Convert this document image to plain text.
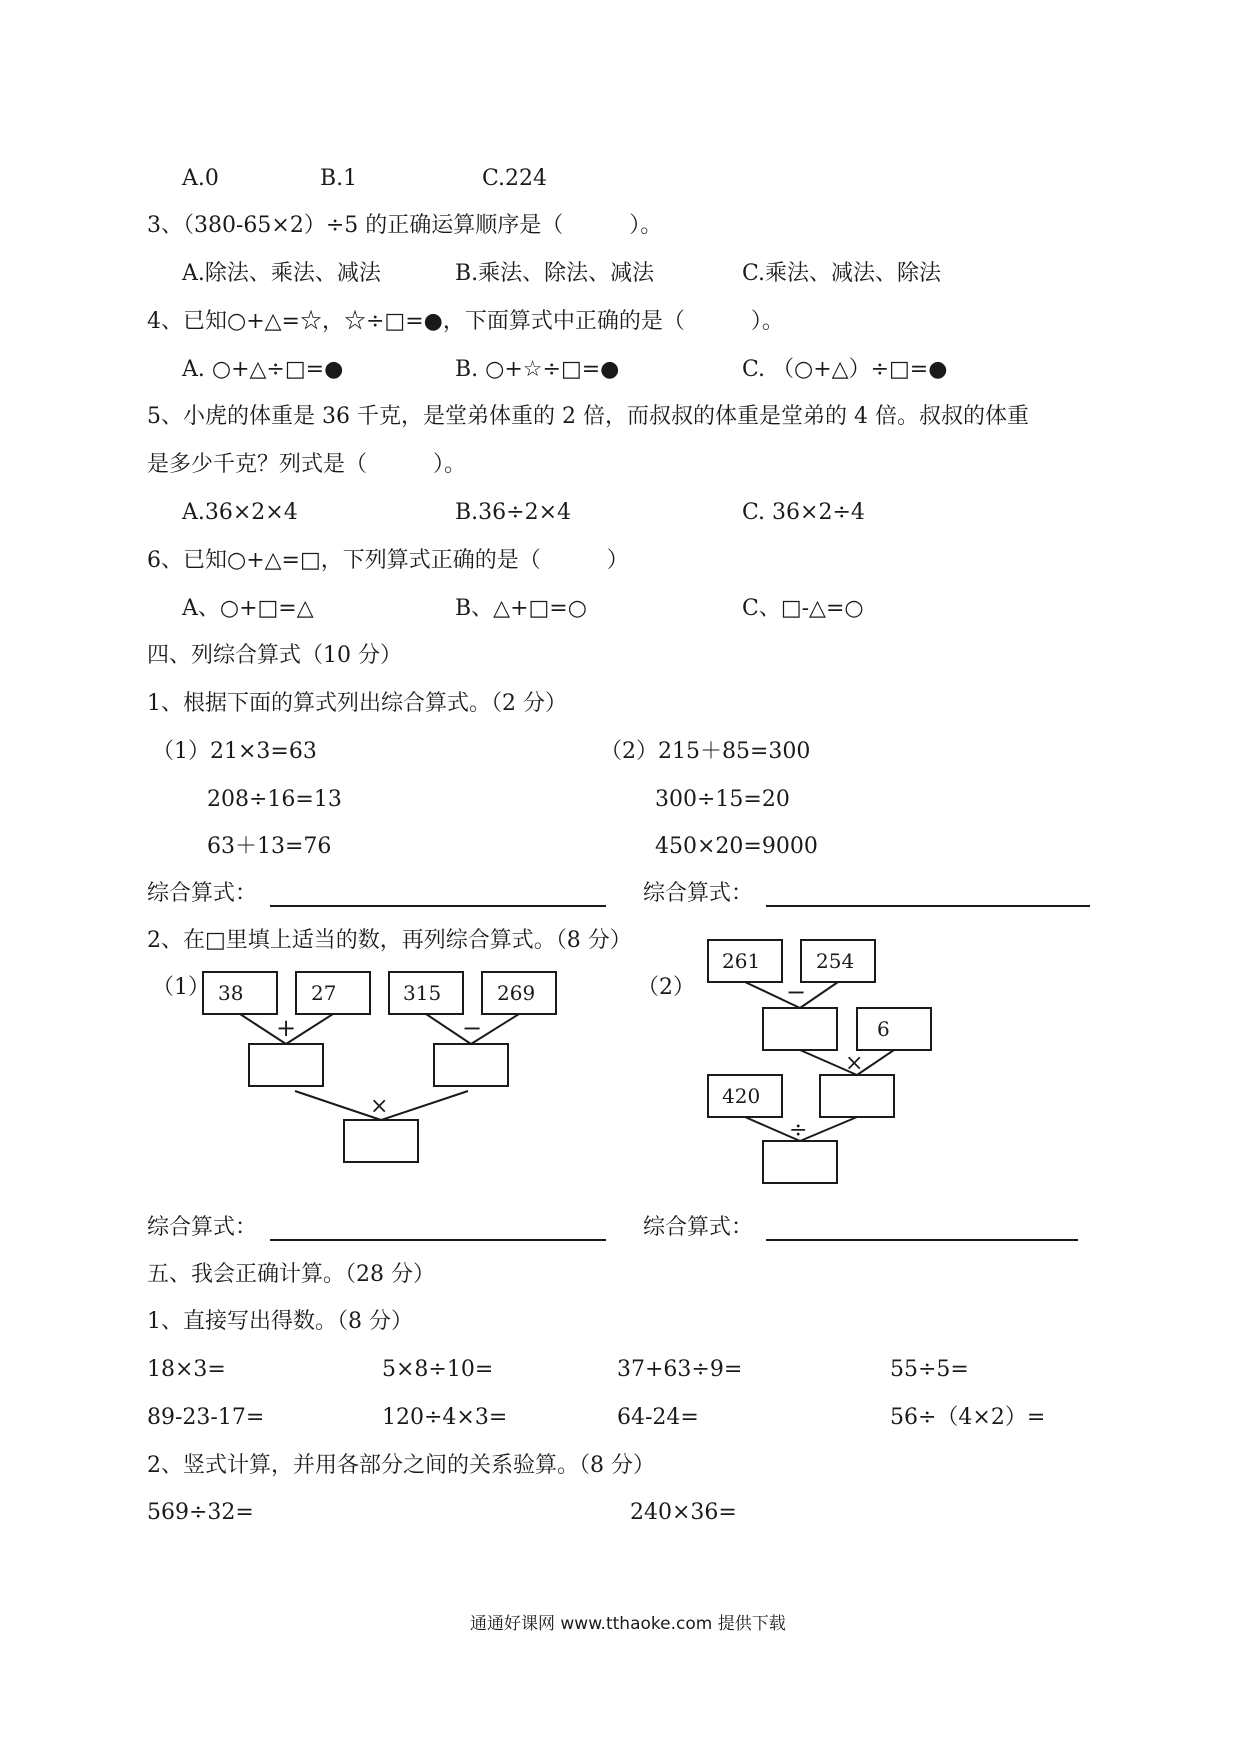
A.0	B.1	C.224
3、（380-65×2）÷5 的正确运算顺序是（　　　）。
A.除法、乘法、减法	B.乘法、除法、减法	C.乘法、减法、除法
4、已知○+△=☆，☆÷□=●，下面算式中正确的是（　　　）。
A. ○+△÷□=●	B. ○+☆÷□=●	C. （○+△）÷□=●
5、小虎的体重是 36 千克，是堂弟体重的 2 倍，而叔叔的体重是堂弟的 4 倍。叔叔的体重
是多少千克？列式是（　　　）。
A.36×2×4	B.36÷2×4	C. 36×2÷4
6、已知○+△=□，下列算式正确的是（　　　）
A、○+□=△	B、△+□=○	C、□-△=○
四、列综合算式（10 分）
1、根据下面的算式列出综合算式。（2 分）
（1）21×3=63
208÷16=13
63＋13=76
（2）215＋85=300
300÷15=20
450×20=9000
综合算式：	综合算式：
2、在□里填上适当的数，再列综合算式。（8 分）
（1）	（2）
38	27	315	269
+	−
×
261	254
6
420
−
×
÷
综合算式：	综合算式：
五、我会正确计算。（28 分）
1、直接写出得数。（8 分）
18×3=	5×8÷10=	37+63÷9=	55÷5=
89-23-17=	120÷4×3=	64-24=	56÷（4×2）=
2、竖式计算，并用各部分之间的关系验算。（8 分）
569÷32=	240×36=
通通好课网 www.tthaoke.com 提供下载
